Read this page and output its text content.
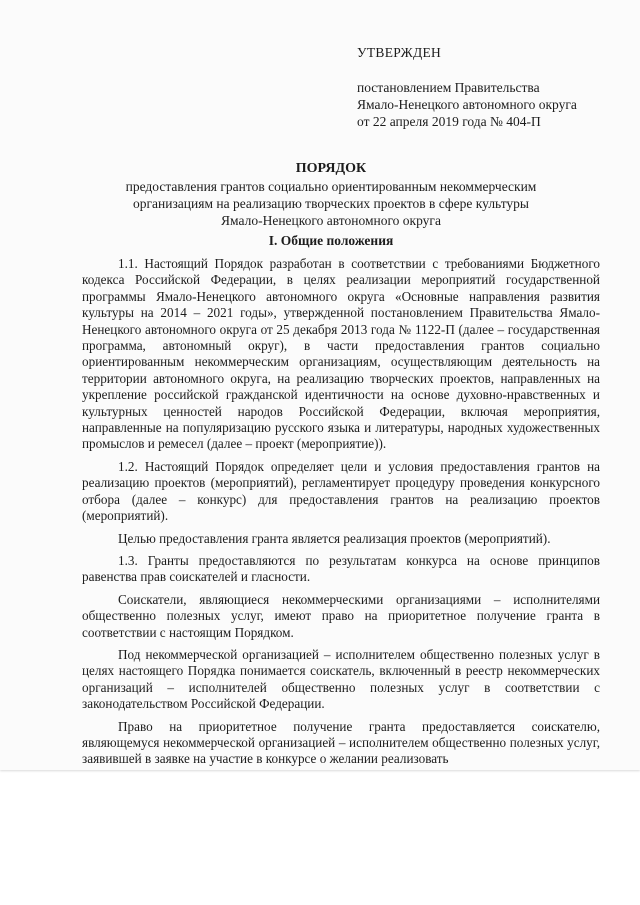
УТВЕРЖДЕН
постановлением Правительства
Ямало-Ненецкого автономного округа
от 22 апреля 2019 года № 404-П
ПОРЯДОК
предоставления грантов социально ориентированным некоммерческим
организациям на реализацию творческих проектов в сфере культуры
Ямало-Ненецкого автономного округа
I. Общие положения

1.1. Настоящий Порядок разработан в соответствии с требованиями Бюджетного кодекса Российской Федерации, в целях реализации мероприятий государственной программы Ямало-Ненецкого автономного округа «Основные направления развития культуры на 2014 – 2021 годы», утвержденной постановлением Правительства Ямало-Ненецкого автономного округа от 25 декабря 2013 года № 1122-П (далее – государственная программа, автономный округ), в части предоставления грантов социально ориентированным некоммерческим организациям, осуществляющим деятельность на территории автономного округа, на реализацию творческих проектов, направленных на укрепление российской гражданской идентичности на основе духовно-нравственных и культурных ценностей народов Российской Федерации, включая мероприятия, направленные на популяризацию русского языка и литературы, народных художественных промыслов и ремесел (далее – проект (мероприятие)).

1.2. Настоящий Порядок определяет цели и условия предоставления грантов на реализацию проектов (мероприятий), регламентирует процедуру проведения конкурсного отбора (далее – конкурс) для предоставления грантов на реализацию проектов (мероприятий).

Целью предоставления гранта является реализация проектов (мероприятий).

1.3. Гранты предоставляются по результатам конкурса на основе принципов равенства прав соискателей и гласности.

Соискатели, являющиеся некоммерческими организациями – исполнителями общественно полезных услуг, имеют право на приоритетное получение гранта в соответствии с настоящим Порядком.

Под некоммерческой организацией – исполнителем общественно полезных услуг в целях настоящего Порядка понимается соискатель, включенный в реестр некоммерческих организаций – исполнителей общественно полезных услуг в соответствии с законодательством Российской Федерации.

Право на приоритетное получение гранта предоставляется соискателю, являющемуся некоммерческой организацией – исполнителем общественно полезных услуг, заявившей в заявке на участие в конкурсе о желании реализовать
